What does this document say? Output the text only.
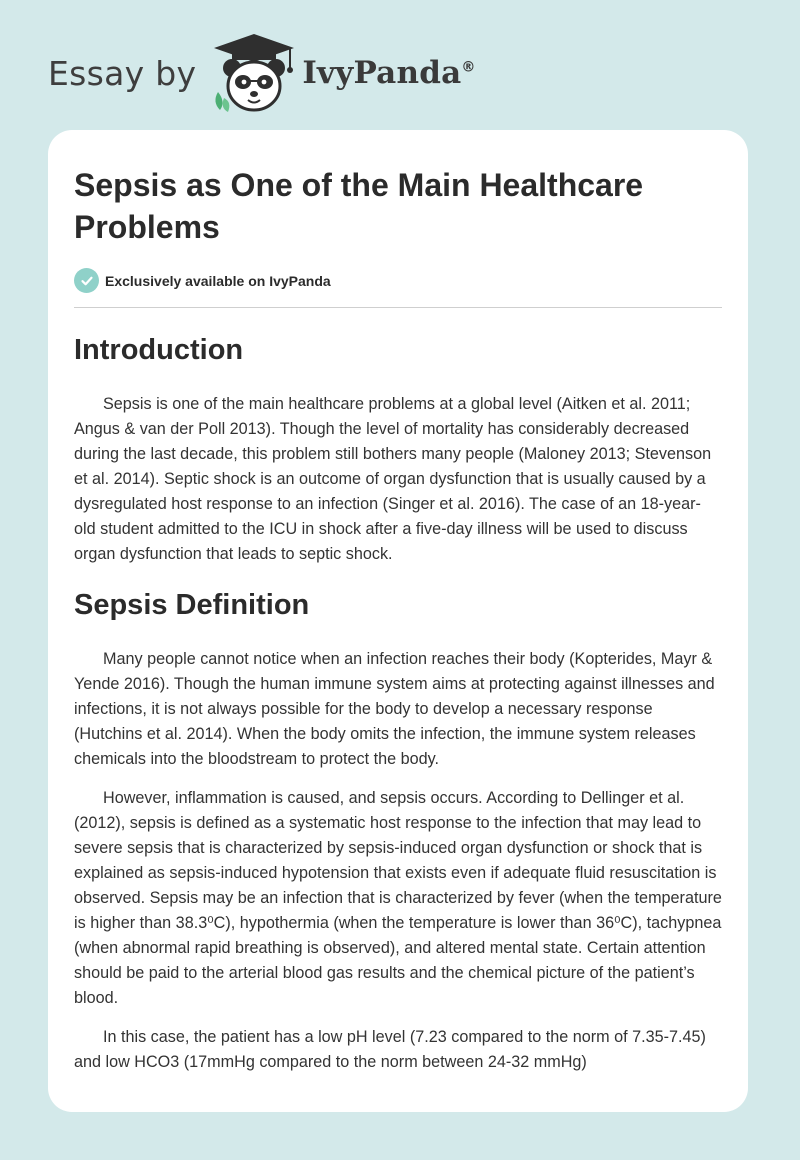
Essay by	IvyPanda®
Sepsis as One of the Main Healthcare Problems
Exclusively available on IvyPanda
Introduction

Sepsis is one of the main healthcare problems at a global level (Aitken et al. 2011; Angus & van der Poll 2013). Though the level of mortality has considerably decreased during the last decade, this problem still bothers many people (Maloney 2013; Stevenson et al. 2014). Septic shock is an outcome of organ dysfunction that is usually caused by a dysregulated host response to an infection (Singer et al. 2016). The case of an 18-year-old student admitted to the ICU in shock after a five-day illness will be used to discuss organ dysfunction that leads to septic shock.

Sepsis Definition

Many people cannot notice when an infection reaches their body (Kopterides, Mayr & Yende 2016). Though the human immune system aims at protecting against illnesses and infections, it is not always possible for the body to develop a necessary response (Hutchins et al. 2014). When the body omits the infection, the immune system releases chemicals into the bloodstream to protect the body.

However, inflammation is caused, and sepsis occurs. According to Dellinger et al. (2012), sepsis is defined as a systematic host response to the infection that may lead to severe sepsis that is characterized by sepsis-induced organ dysfunction or shock that is explained as sepsis-induced hypotension that exists even if adequate fluid resuscitation is observed. Sepsis may be an infection that is characterized by fever (when the temperature is higher than 38.3⁰C), hypothermia (when the temperature is lower than 36⁰C), tachypnea (when abnormal rapid breathing is observed), and altered mental state. Certain attention should be paid to the arterial blood gas results and the chemical picture of the patient’s blood.

In this case, the patient has a low pH level (7.23 compared to the norm of 7.35-7.45) and low HCO3 (17mmHg compared to the norm between 24-32 mmHg)
